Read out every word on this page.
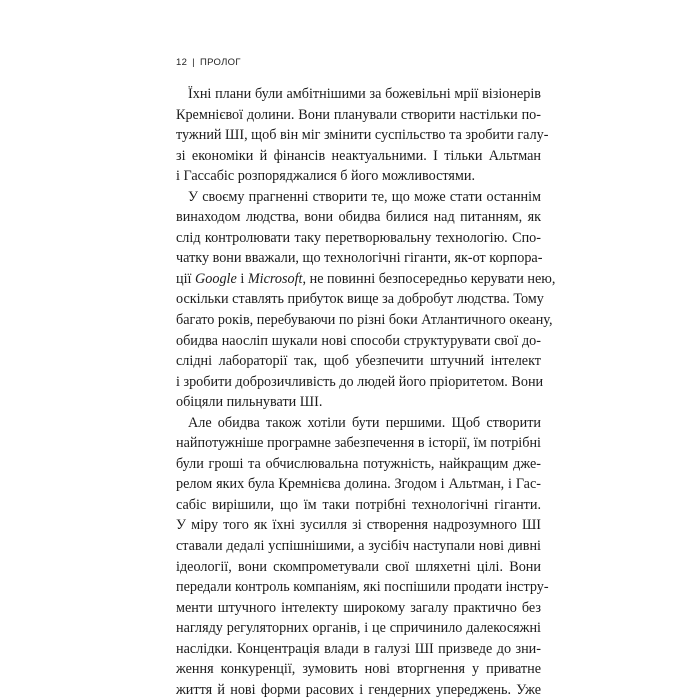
12 | ПРОЛОГ
Їхні плани були амбітнішими за божевільні мрії візіонерів
Кремнієвої долини. Вони планували створити настільки по-
тужний ШІ, щоб він міг змінити суспільство та зробити галу-
зі економіки й фінансів неактуальними. І тільки Альтман
і Гассабіс розпоряджалися б його можливостями.
У своєму прагненні створити те, що може стати останнім
винаходом людства, вони обидва билися над питанням, як
слід контролювати таку перетворювальну технологію. Спо-
чатку вони вважали, що технологічні гіганти, як-от корпора-
ції Google і Microsoft, не повинні безпосередньо керувати нею,
оскільки ставлять прибуток вище за добробут людства. Тому
багато років, перебуваючи по різні боки Атлантичного океану,
обидва наосліп шукали нові способи структурувати свої до-
слідні лабораторії так, щоб убезпечити штучний інтелект
і зробити доброзичливість до людей його пріоритетом. Вони
обіцяли пильнувати ШІ.
Але обидва також хотіли бути першими. Щоб створити
найпотужніше програмне забезпечення в історії, їм потрібні
були гроші та обчислювальна потужність, найкращим дже-
релом яких була Кремнієва долина. Згодом і Альтман, і Гас-
сабіс вирішили, що їм таки потрібні технологічні гіганти.
У міру того як їхні зусилля зі створення надрозумного ШІ
ставали дедалі успішнішими, а зусібіч наступали нові дивні
ідеології, вони скомпрометували свої шляхетні цілі. Вони
передали контроль компаніям, які поспішили продати інстру-
менти штучного інтелекту широкому загалу практично без
нагляду регуляторних органів, і це спричинило далекосяжні
наслідки. Концентрація влади в галузі ШІ призведе до зни-
ження конкуренції, зумовить нові вторгнення у приватне
життя й нові форми расових і гендерних упереджень. Уже
